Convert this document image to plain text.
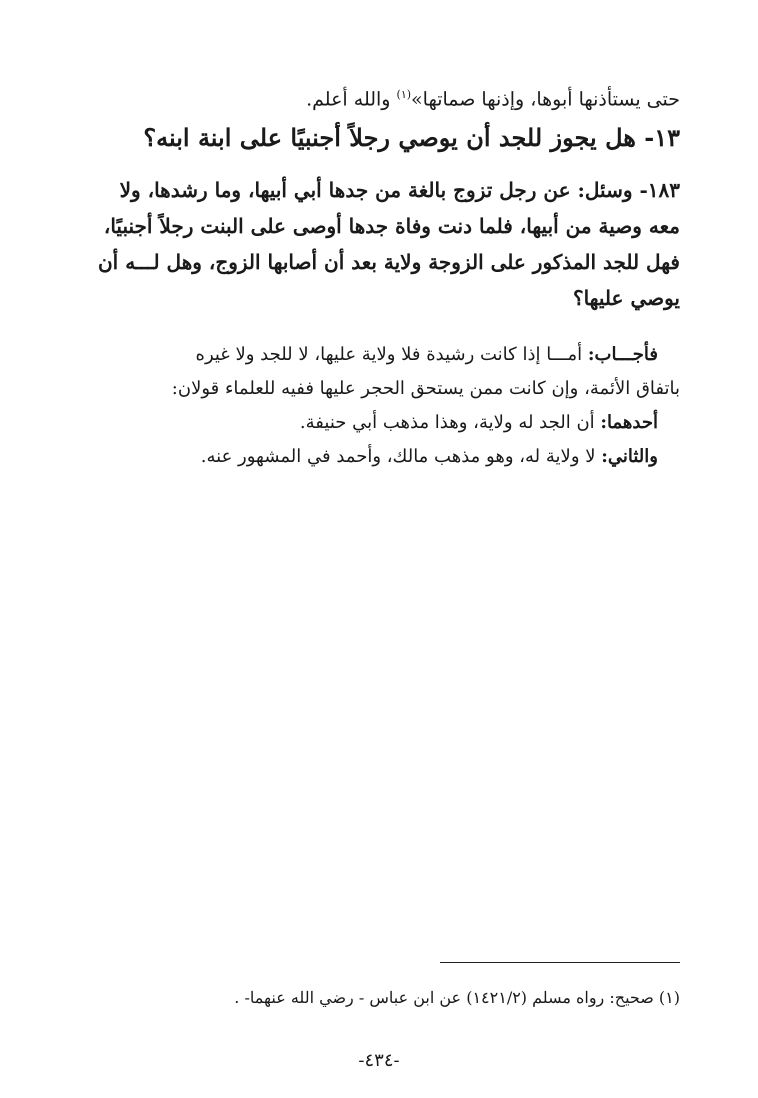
حتى يستأذنها أبوها، وإذنها صماتها»$^{(١)}$ والله أعلم.
١٣- هل يجوز للجد أن يوصي رجلاً أجنبيًا على ابنة ابنه؟
١٨٣- وسئل: عن رجل تزوج بالغة من جدها أبي أبيها، وما رشدها، ولا
معه وصية من أبيها، فلما دنت وفاة جدها أوصى على البنت رجلاً أجنبيًا،
فهل للجد المذكور على الزوجة ولاية بعد أن أصابها الزوج، وهل لـــه أن
يوصي عليها؟
فأجـــاب: أمـــا إذا كانت رشيدة فلا ولاية عليها، لا للجد ولا غيره
باتفاق الأئمة، وإن كانت ممن يستحق الحجر عليها ففيه للعلماء قولان:
أحدهما: أن الجد له ولاية، وهذا مذهب أبي حنيفة.
والثاني: لا ولاية له، وهو مذهب مالك، وأحمد في المشهور عنه.
(١) صحيح: رواه مسلم (١٤٢١/٢) عن ابن عباس - رضي الله عنهما- .
-٤٣٤-
